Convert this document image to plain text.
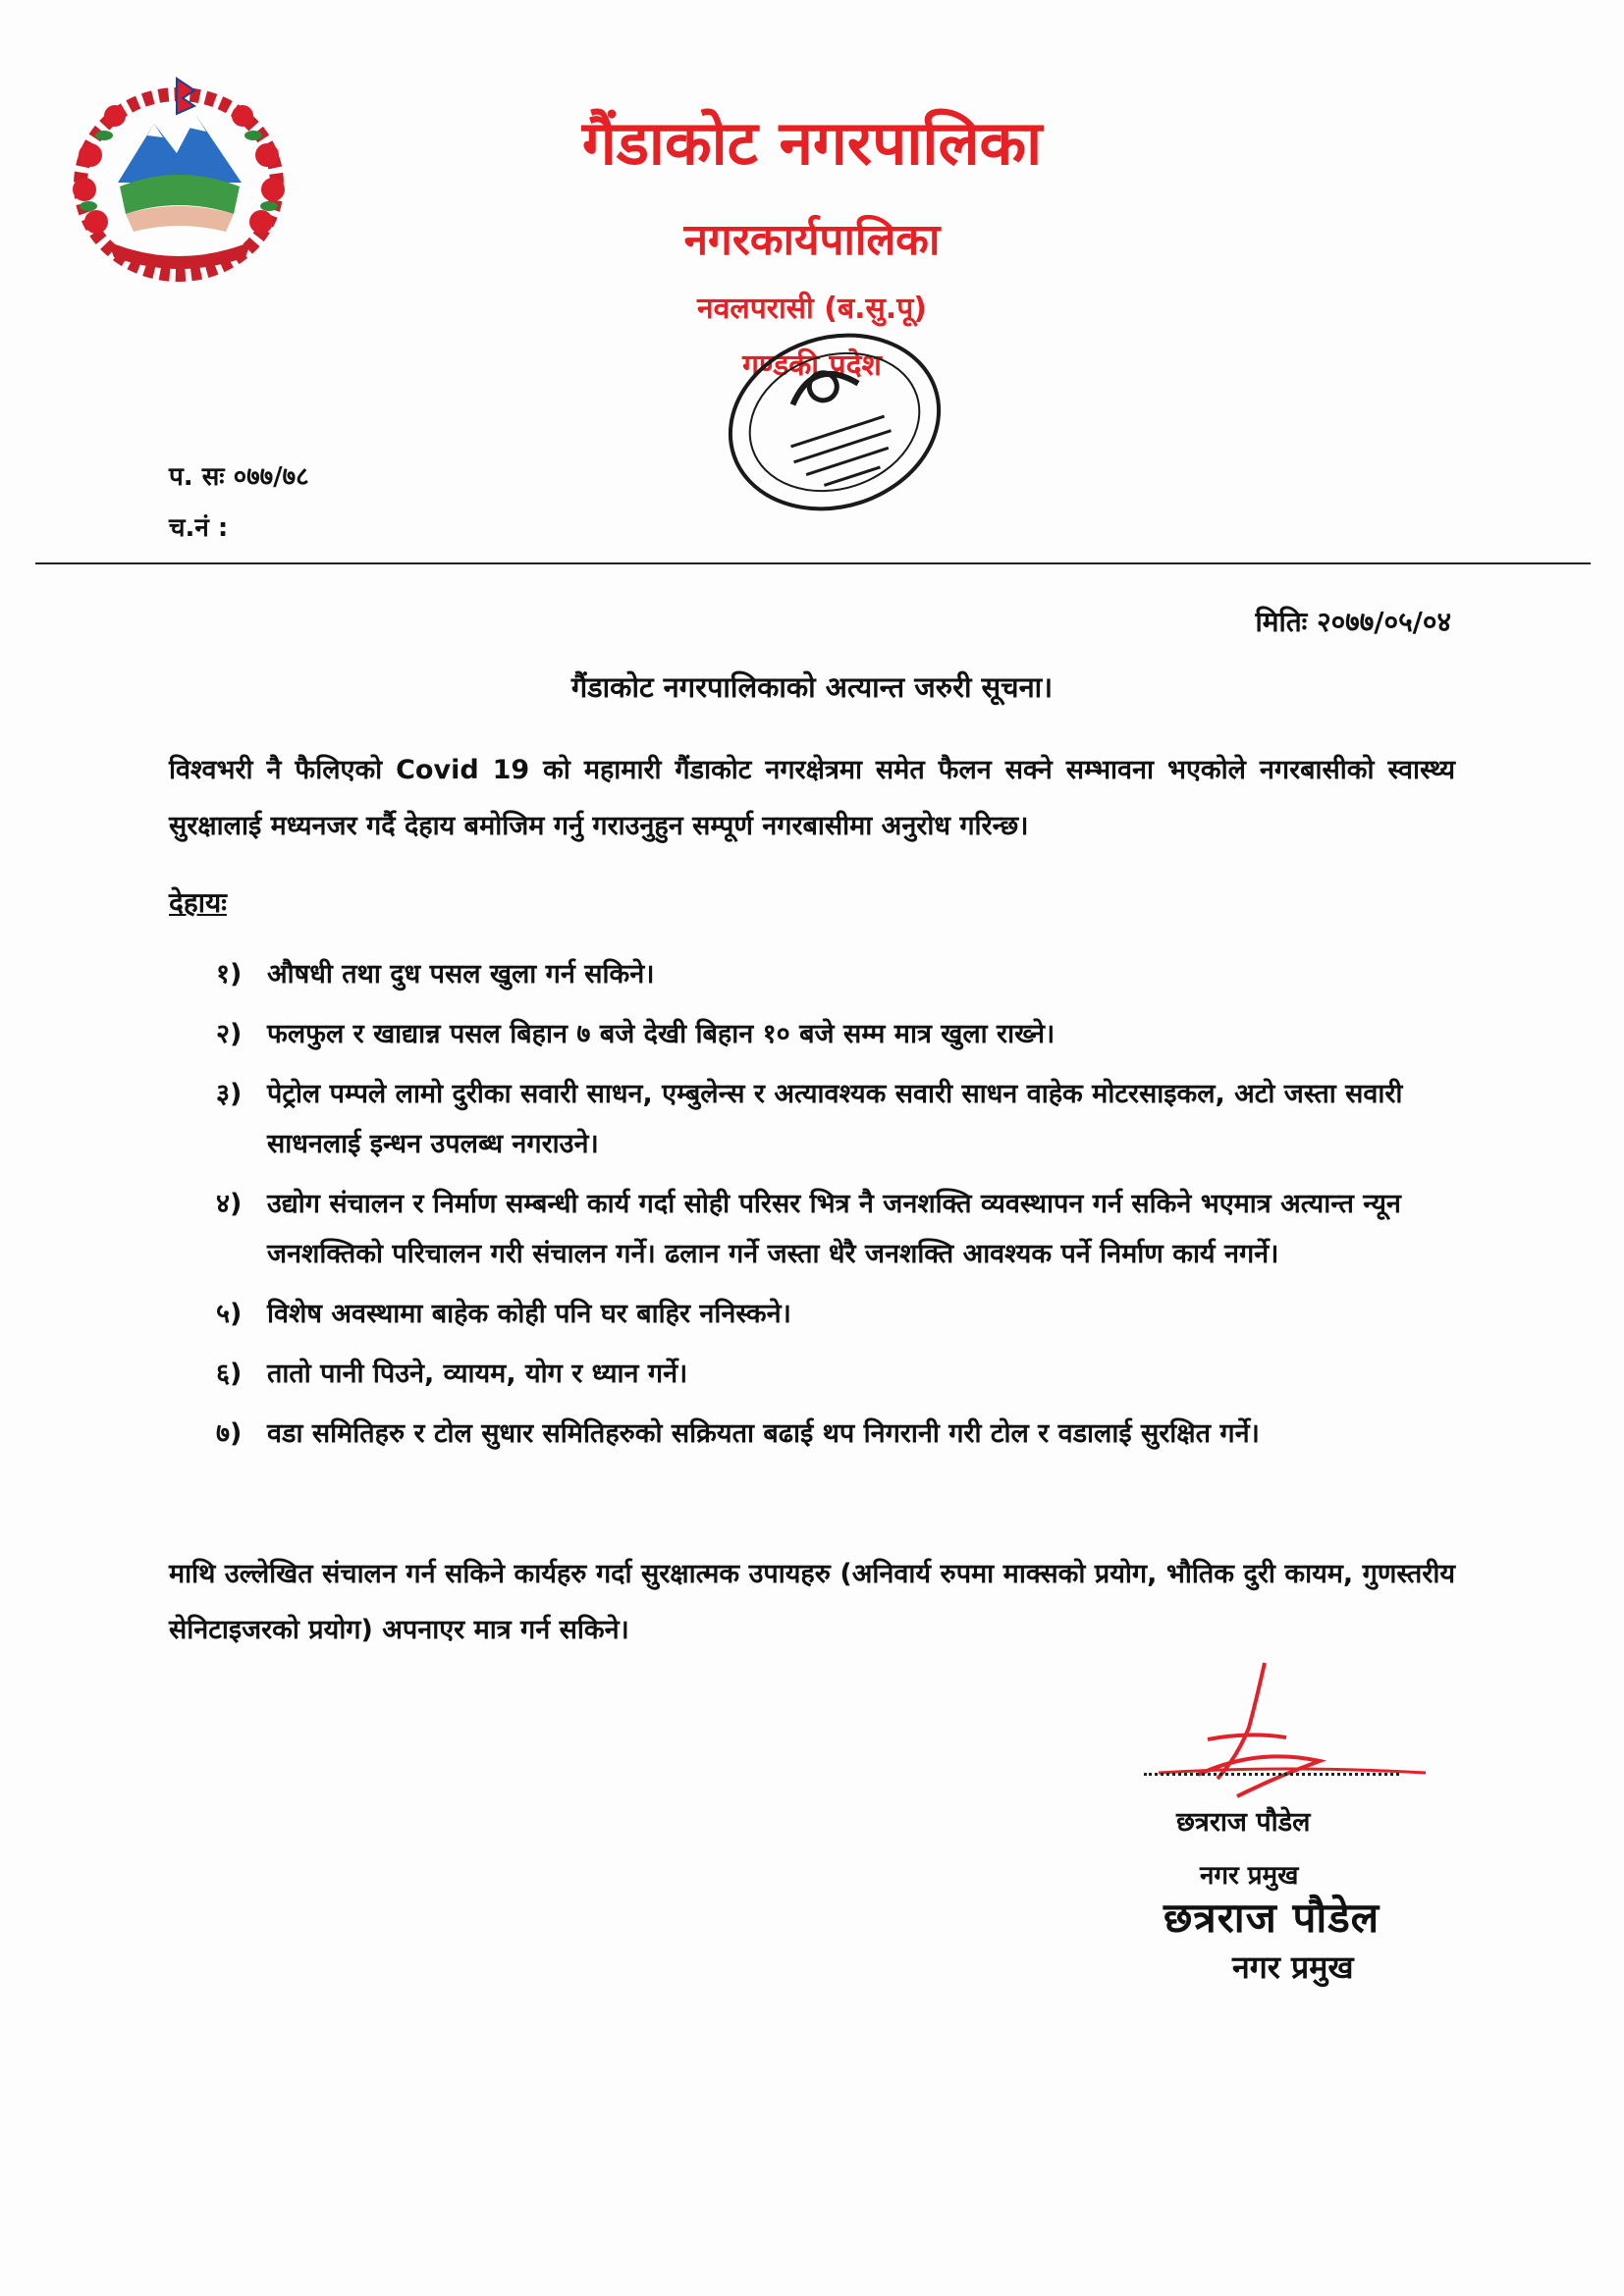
गैंडाकोट नगरपालिका
नगरकार्यपालिका
नवलपरासी (ब.सु.पू)
गण्डकी प्रदेश
प. सः ०७७/७८
च.नं :
मितिः २०७७/०५/०४
गैंडाकोट नगरपालिकाको अत्यान्त जरुरी सूचना।
विश्वभरी नै फैलिएको Covid 19 को महामारी गैंडाकोट नगरक्षेत्रमा समेत फैलन सक्ने सम्भावना भएकोले नगरबासीको स्वास्थ्य सुरक्षालाई मध्यनजर गर्दै देहाय बमोजिम गर्नु गराउनुहुन सम्पूर्ण नगरबासीमा अनुरोध गरिन्छ।
देहायः
१) औषधी तथा दुध पसल खुला गर्न सकिने।
२) फलफुल र खाद्यान्न पसल बिहान ७ बजे देखी बिहान १० बजे सम्म मात्र खुला राख्ने।
३) पेट्रोल पम्पले लामो दुरीका सवारी साधन, एम्बुलेन्स र अत्यावश्यक सवारी साधन वाहेक मोटरसाइकल, अटो जस्ता सवारी साधनलाई इन्धन उपलब्ध नगराउने।
४) उद्योग संचालन र निर्माण सम्बन्धी कार्य गर्दा सोही परिसर भित्र नै जनशक्ति व्यवस्थापन गर्न सकिने भएमात्र अत्यान्त न्यून जनशक्तिको परिचालन गरी संचालन गर्ने। ढलान गर्ने जस्ता धेरै जनशक्ति आवश्यक पर्ने निर्माण कार्य नगर्ने।
५) विशेष अवस्थामा बाहेक कोही पनि घर बाहिर ननिस्कने।
६) तातो पानी पिउने, व्यायम, योग र ध्यान गर्ने।
७) वडा समितिहरु र टोल सुधार समितिहरुको सक्रियता बढाई थप निगरानी गरी टोल र वडालाई सुरक्षित गर्ने।
माथि उल्लेखित संचालन गर्न सकिने कार्यहरु गर्दा सुरक्षात्मक उपायहरु (अनिवार्य रुपमा माक्सको प्रयोग, भौतिक दुरी कायम, गुणस्तरीय सेनिटाइजरको प्रयोग) अपनाएर मात्र गर्न सकिने।
छत्रराज पौडेल
नगर प्रमुख
छत्रराज पौडेल
नगर प्रमुख
